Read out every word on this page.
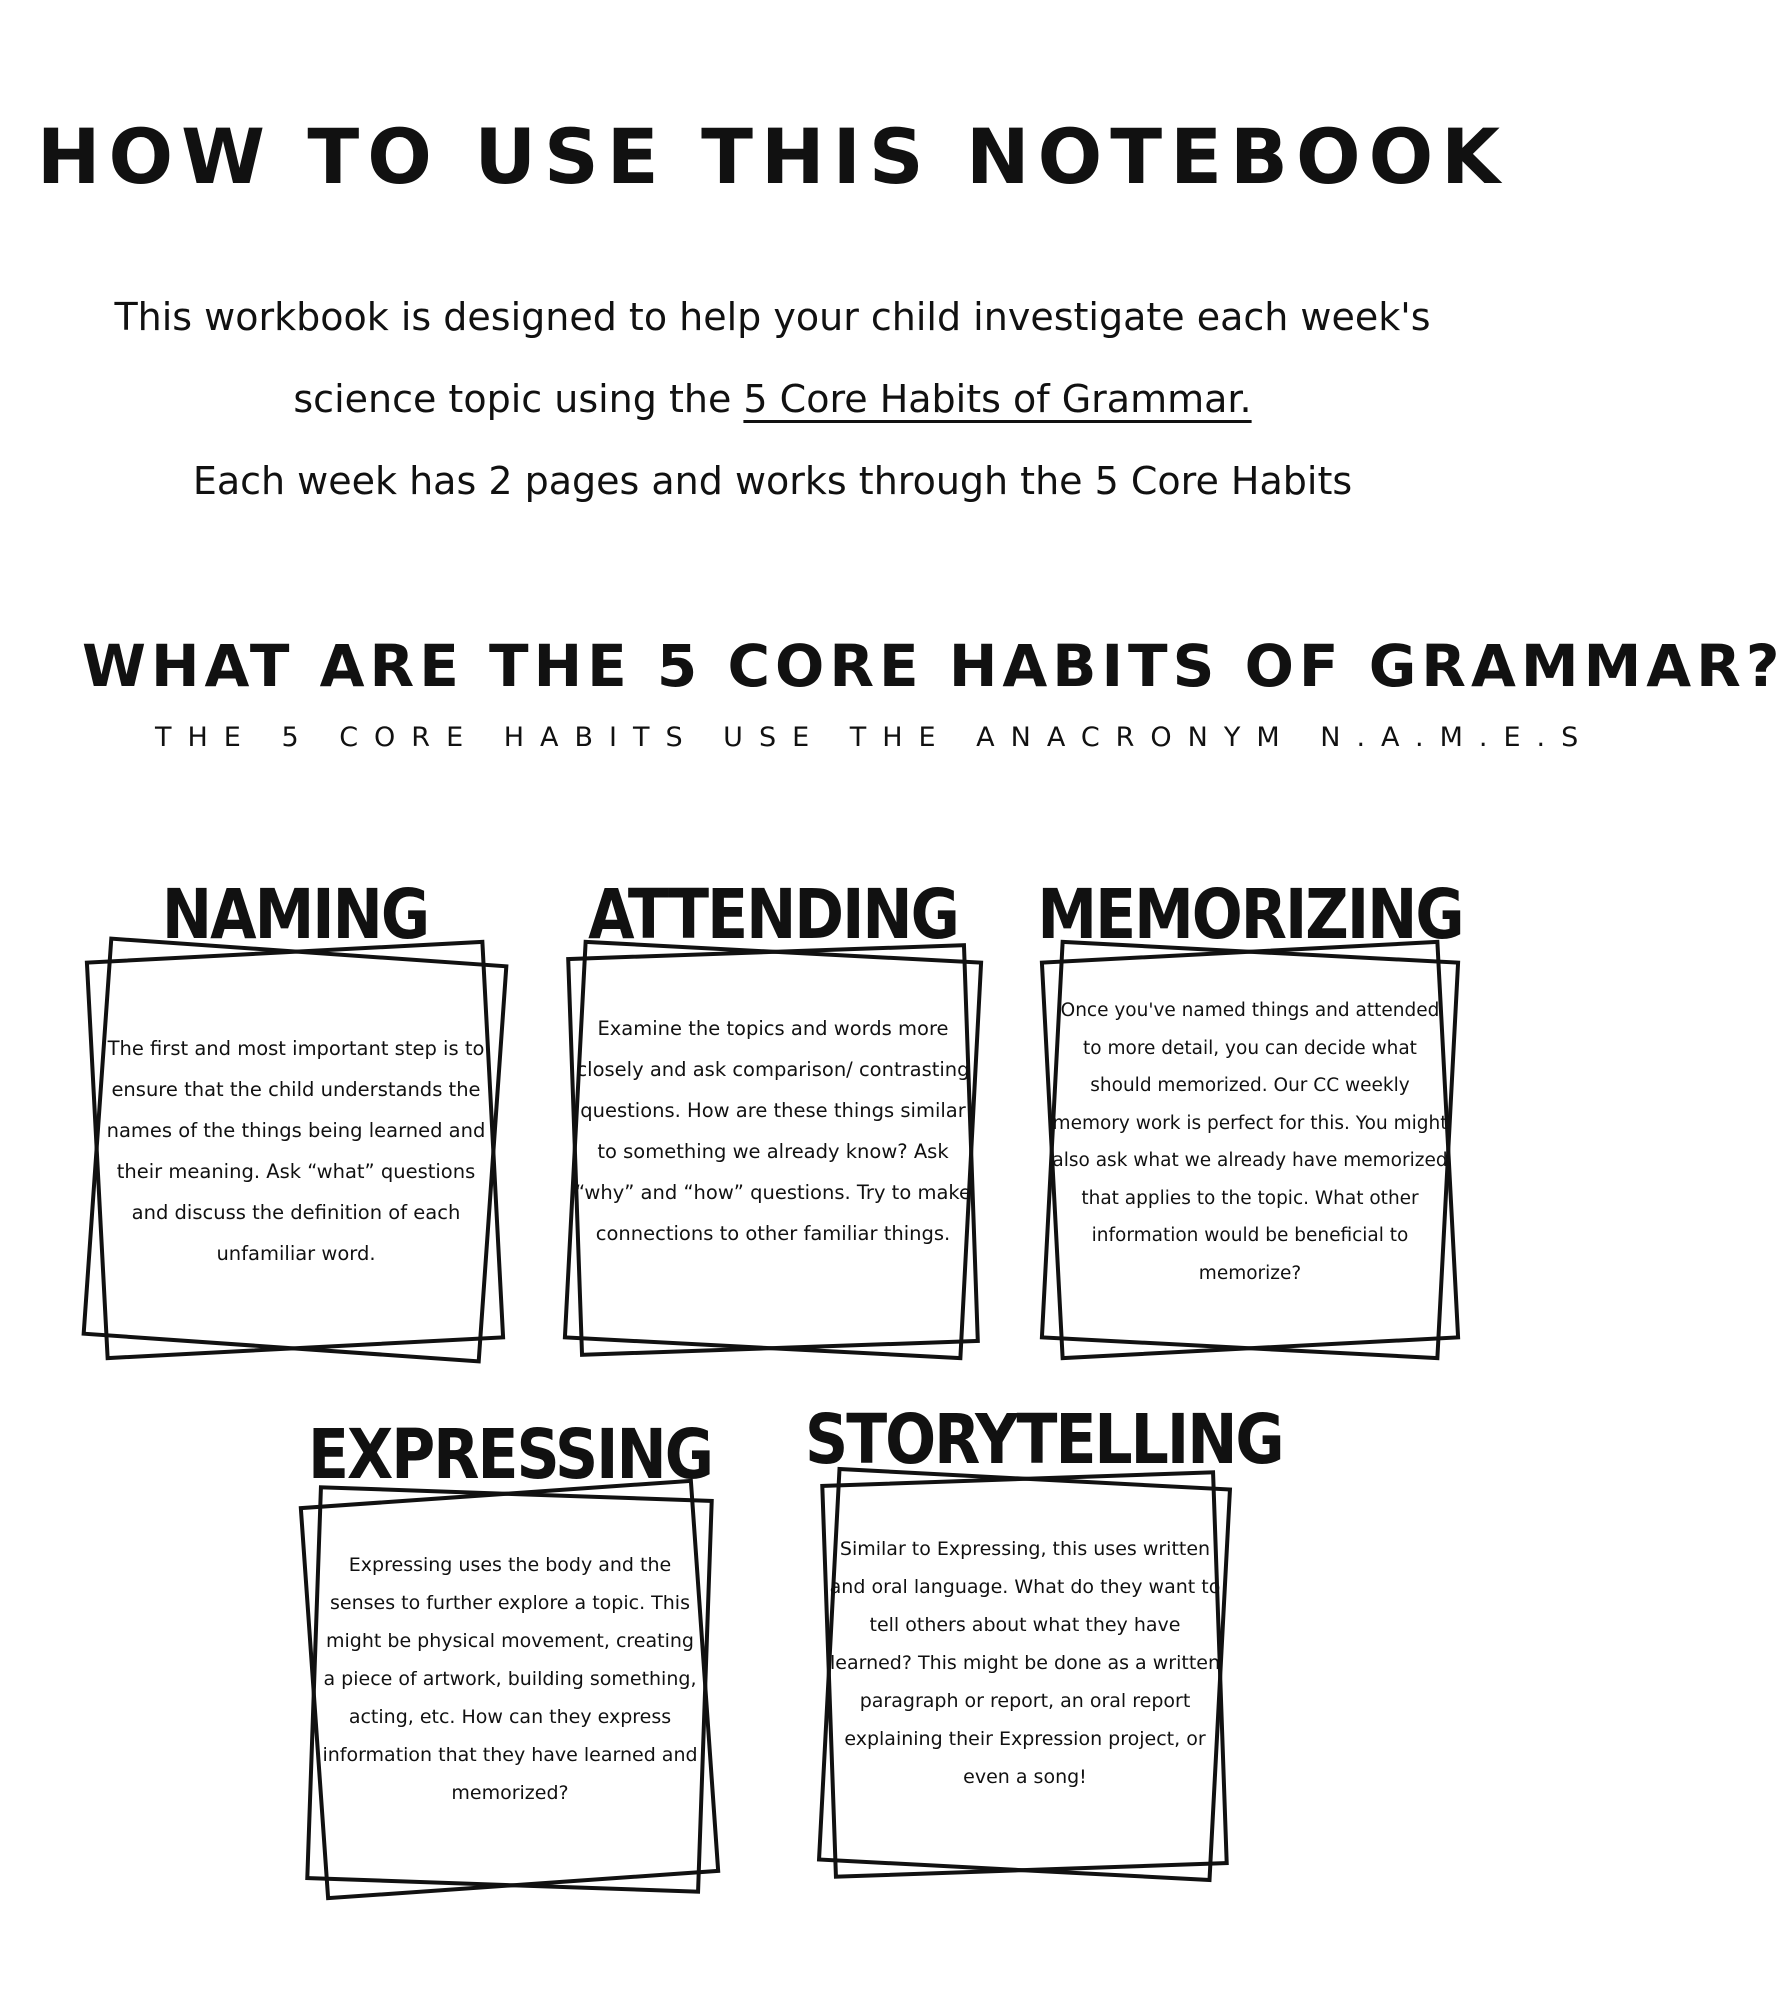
HOW TO USE THIS NOTEBOOK

This workbook is designed to help your child investigate each week's

science topic using the 5 Core Habits of Grammar.

Each week has 2 pages and works through the 5 Core Habits

WHAT ARE THE 5 CORE HABITS OF GRAMMAR?

THE 5 CORE HABITS USE THE ANACRONYM N.A.M.E.S

NAMING
The first and most important step is to ensure that the child understands the names of the things being learned and their meaning. Ask “what” questions and discuss the definition of each unfamiliar word.
ATTENDING
Examine the topics and words more closely and ask comparison/ contrasting questions. How are these things similar to something we already know? Ask “why” and “how” questions. Try to make connections to other familiar things.
MEMORIZING
Once you've named things and attended to more detail, you can decide what should memorized. Our CC weekly memory work is perfect for this. You might also ask what we already have memorized that applies to the topic. What other information would be beneficial to memorize?
EXPRESSING
Expressing uses the body and the senses to further explore a topic. This might be physical movement, creating a piece of artwork, building something, acting, etc. How can they express information that they have learned and memorized?
STORYTELLING
Similar to Expressing, this uses written and oral language. What do they want to tell others about what they have learned? This might be done as a written paragraph or report, an oral report explaining their Expression project, or even a song!
